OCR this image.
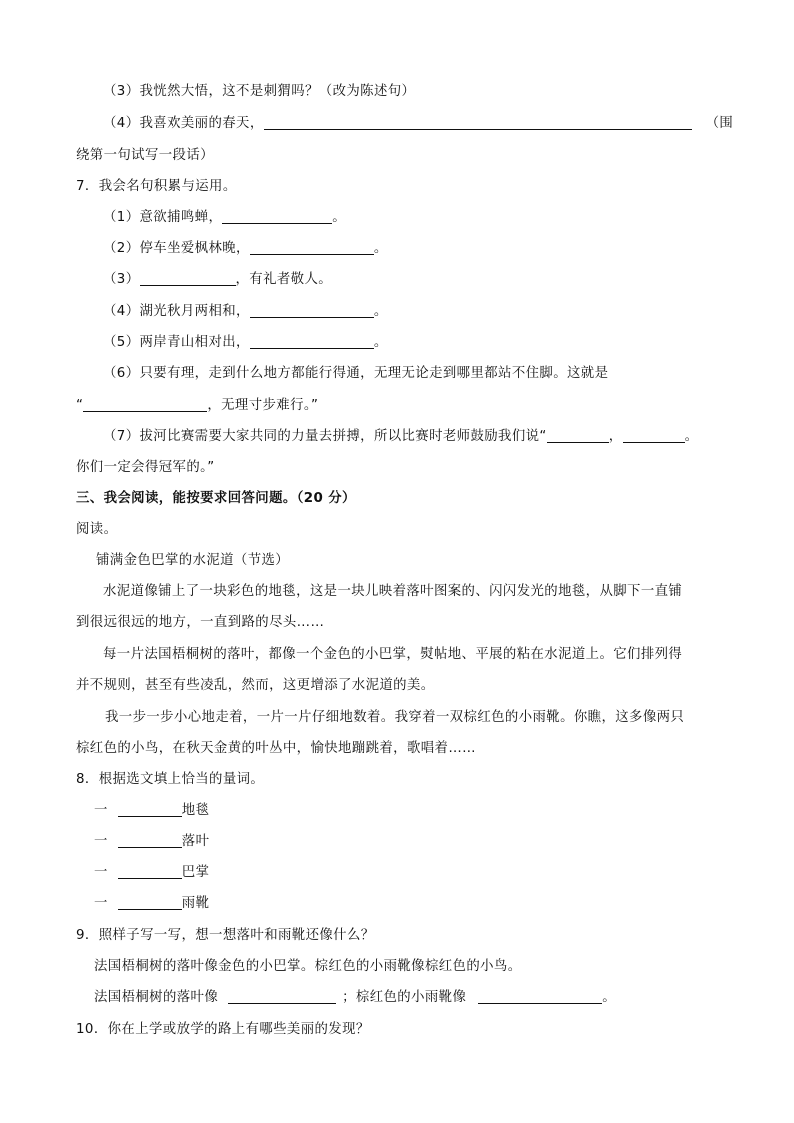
（3）我恍然大悟，这不是刺猬吗？（改为陈述句）
（4）我喜欢美丽的春天，	（围
绕第一句试写一段话）
7．我会名句积累与运用。
（1）意欲捕鸣蝉，	。
（2）停车坐爱枫林晚，	。
（3）	，有礼者敬人。
（4）湖光秋月两相和，	。
（5）两岸青山相对出，	。
（6）只要有理，走到什么地方都能行得通，无理无论走到哪里都站不住脚。这就是
“	，无理寸步难行。”
（7）拔河比赛需要大家共同的力量去拼搏，所以比赛时老师鼓励我们说“	，	。
你们一定会得冠军的。”
三、我会阅读，能按要求回答问题。（20 分）
阅读。
铺满金色巴掌的水泥道（节选）
水泥道像铺上了一块彩色的地毯，这是一块儿映着落叶图案的、闪闪发光的地毯，从脚下一直铺
到很远很远的地方，一直到路的尽头……
每一片法国梧桐树的落叶，都像一个金色的小巴掌，熨帖地、平展的粘在水泥道上。它们排列得
并不规则，甚至有些凌乱，然而，这更增添了水泥道的美。
我一步一步小心地走着，一片一片仔细地数着。我穿着一双棕红色的小雨靴。你瞧，这多像两只
棕红色的小鸟，在秋天金黄的叶丛中，愉快地蹦跳着，歌唱着……
8．根据选文填上恰当的量词。
一	地毯
一	落叶
一	巴掌
一	雨靴
9．照样子写一写，想一想落叶和雨靴还像什么？
法国梧桐树的落叶像金色的小巴掌。棕红色的小雨靴像棕红色的小鸟。
法国梧桐树的落叶像	；棕红色的小雨靴像	。
10．你在上学或放学的路上有哪些美丽的发现？
